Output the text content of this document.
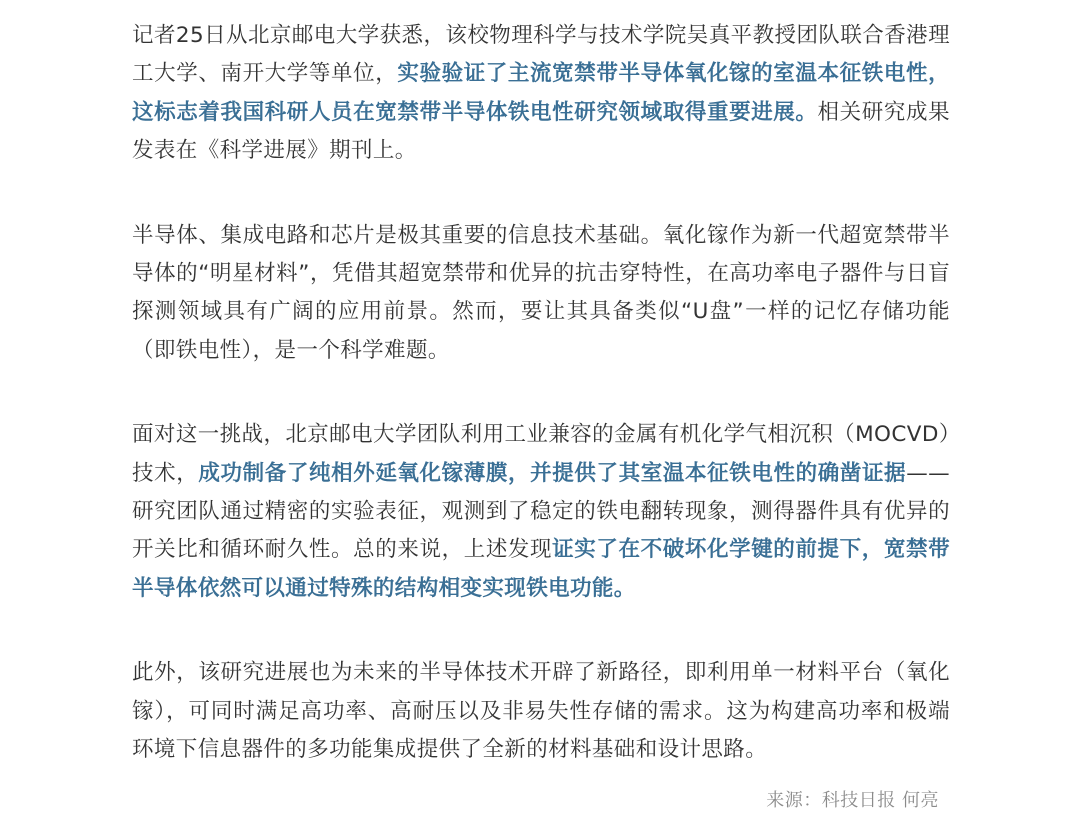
记者25日从北京邮电大学获悉，该校物理科学与技术学院吴真平教授团队联合香港理工大学、南开大学等单位，实验验证了主流宽禁带半导体氧化镓的室温本征铁电性，这标志着我国科研人员在宽禁带半导体铁电性研究领域取得重要进展。相关研究成果发表在《科学进展》期刊上。

半导体、集成电路和芯片是极其重要的信息技术基础。氧化镓作为新一代超宽禁带半导体的“明星材料”，凭借其超宽禁带和优异的抗击穿特性，在高功率电子器件与日盲探测领域具有广阔的应用前景。然而，要让其具备类似“U盘”一样的记忆存储功能（即铁电性），是一个科学难题。

面对这一挑战，北京邮电大学团队利用工业兼容的金属有机化学气相沉积（MOCVD）技术，成功制备了纯相外延氧化镓薄膜，并提供了其室温本征铁电性的确凿证据——研究团队通过精密的实验表征，观测到了稳定的铁电翻转现象，测得器件具有优异的开关比和循环耐久性。总的来说，上述发现证实了在不破坏化学键的前提下，宽禁带半导体依然可以通过特殊的结构相变实现铁电功能。

此外，该研究进展也为未来的半导体技术开辟了新路径，即利用单一材料平台（氧化镓），可同时满足高功率、高耐压以及非易失性存储的需求。这为构建高功率和极端环境下信息器件的多功能集成提供了全新的材料基础和设计思路。

来源：科技日报 何亮
